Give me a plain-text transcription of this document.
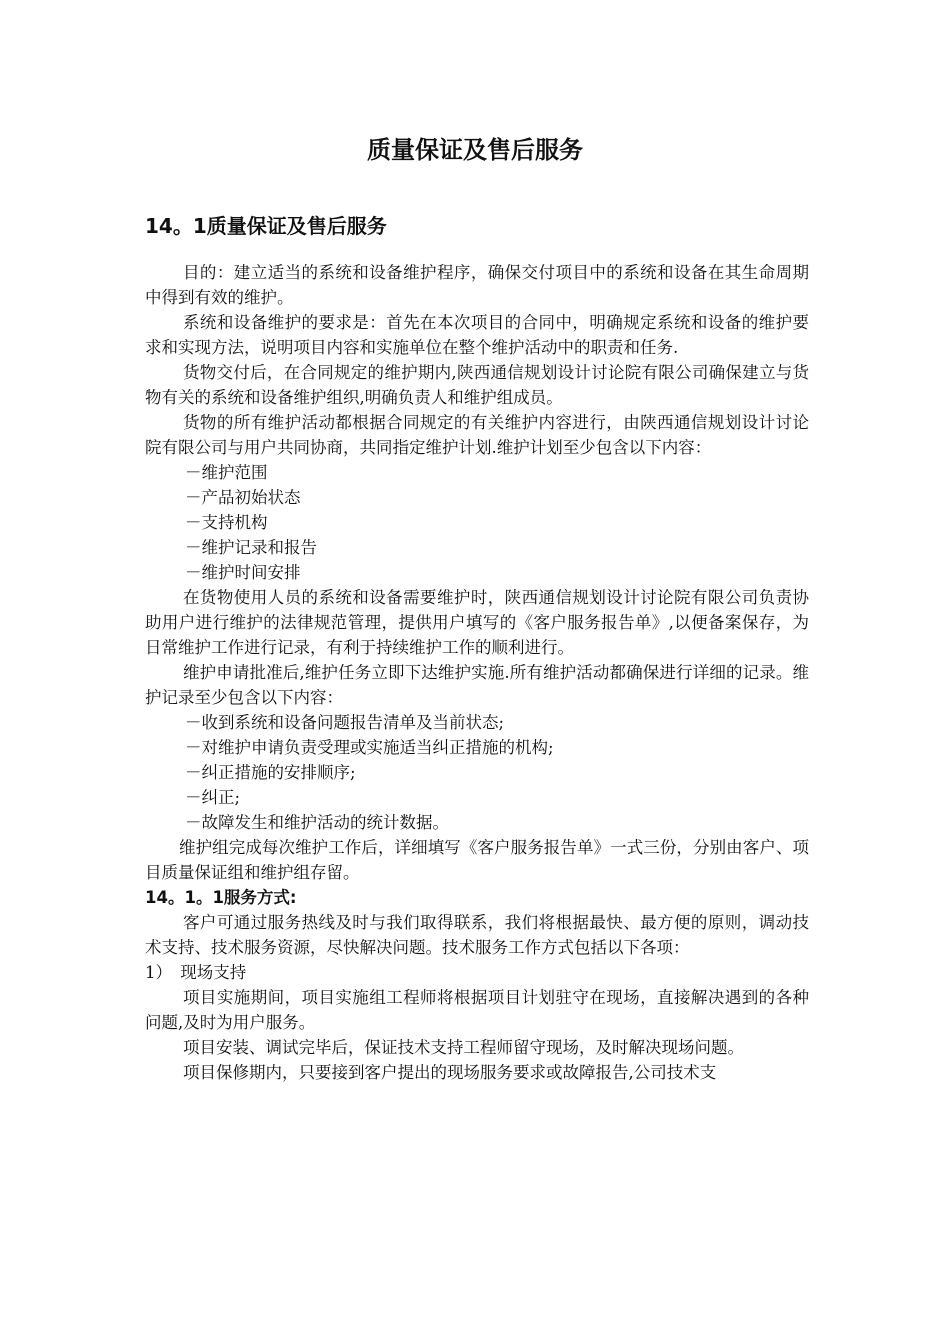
质量保证及售后服务
14。1质量保证及售后服务

目的：建立适当的系统和设备维护程序，确保交付项目中的系统和设备在其生命周期中得到有效的维护。

系统和设备维护的要求是：首先在本次项目的合同中，明确规定系统和设备的维护要求和实现方法，说明项目内容和实施单位在整个维护活动中的职责和任务.

货物交付后，在合同规定的维护期内,陕西通信规划设计讨论院有限公司确保建立与货物有关的系统和设备维护组织,明确负责人和维护组成员。

货物的所有维护活动都根据合同规定的有关维护内容进行，由陕西通信规划设计讨论院有限公司与用户共同协商，共同指定维护计划.维护计划至少包含以下内容：

－维护范围

－产品初始状态

－支持机构

－维护记录和报告

－维护时间安排

在货物使用人员的系统和设备需要维护时，陕西通信规划设计讨论院有限公司负责协助用户进行维护的法律规范管理，提供用户填写的《客户服务报告单》,以便备案保存，为日常维护工作进行记录，有利于持续维护工作的顺利进行。

维护申请批准后,维护任务立即下达维护实施.所有维护活动都确保进行详细的记录。维护记录至少包含以下内容：

－收到系统和设备问题报告清单及当前状态;

－对维护申请负责受理或实施适当纠正措施的机构;

－纠正措施的安排顺序;

－纠正;

－故障发生和维护活动的统计数据。

维护组完成每次维护工作后，详细填写《客户服务报告单》一式三份，分别由客户、项目质量保证组和维护组存留。

14。1。1服务方式:

客户可通过服务热线及时与我们取得联系，我们将根据最快、最方便的原则，调动技术支持、技术服务资源，尽快解决问题。技术服务工作方式包括以下各项：

1）　现场支持

项目实施期间，项目实施组工程师将根据项目计划驻守在现场，直接解决遇到的各种问题,及时为用户服务。

项目安装、调试完毕后，保证技术支持工程师留守现场，及时解决现场问题。

项目保修期内，只要接到客户提出的现场服务要求或故障报告,公司技术支
